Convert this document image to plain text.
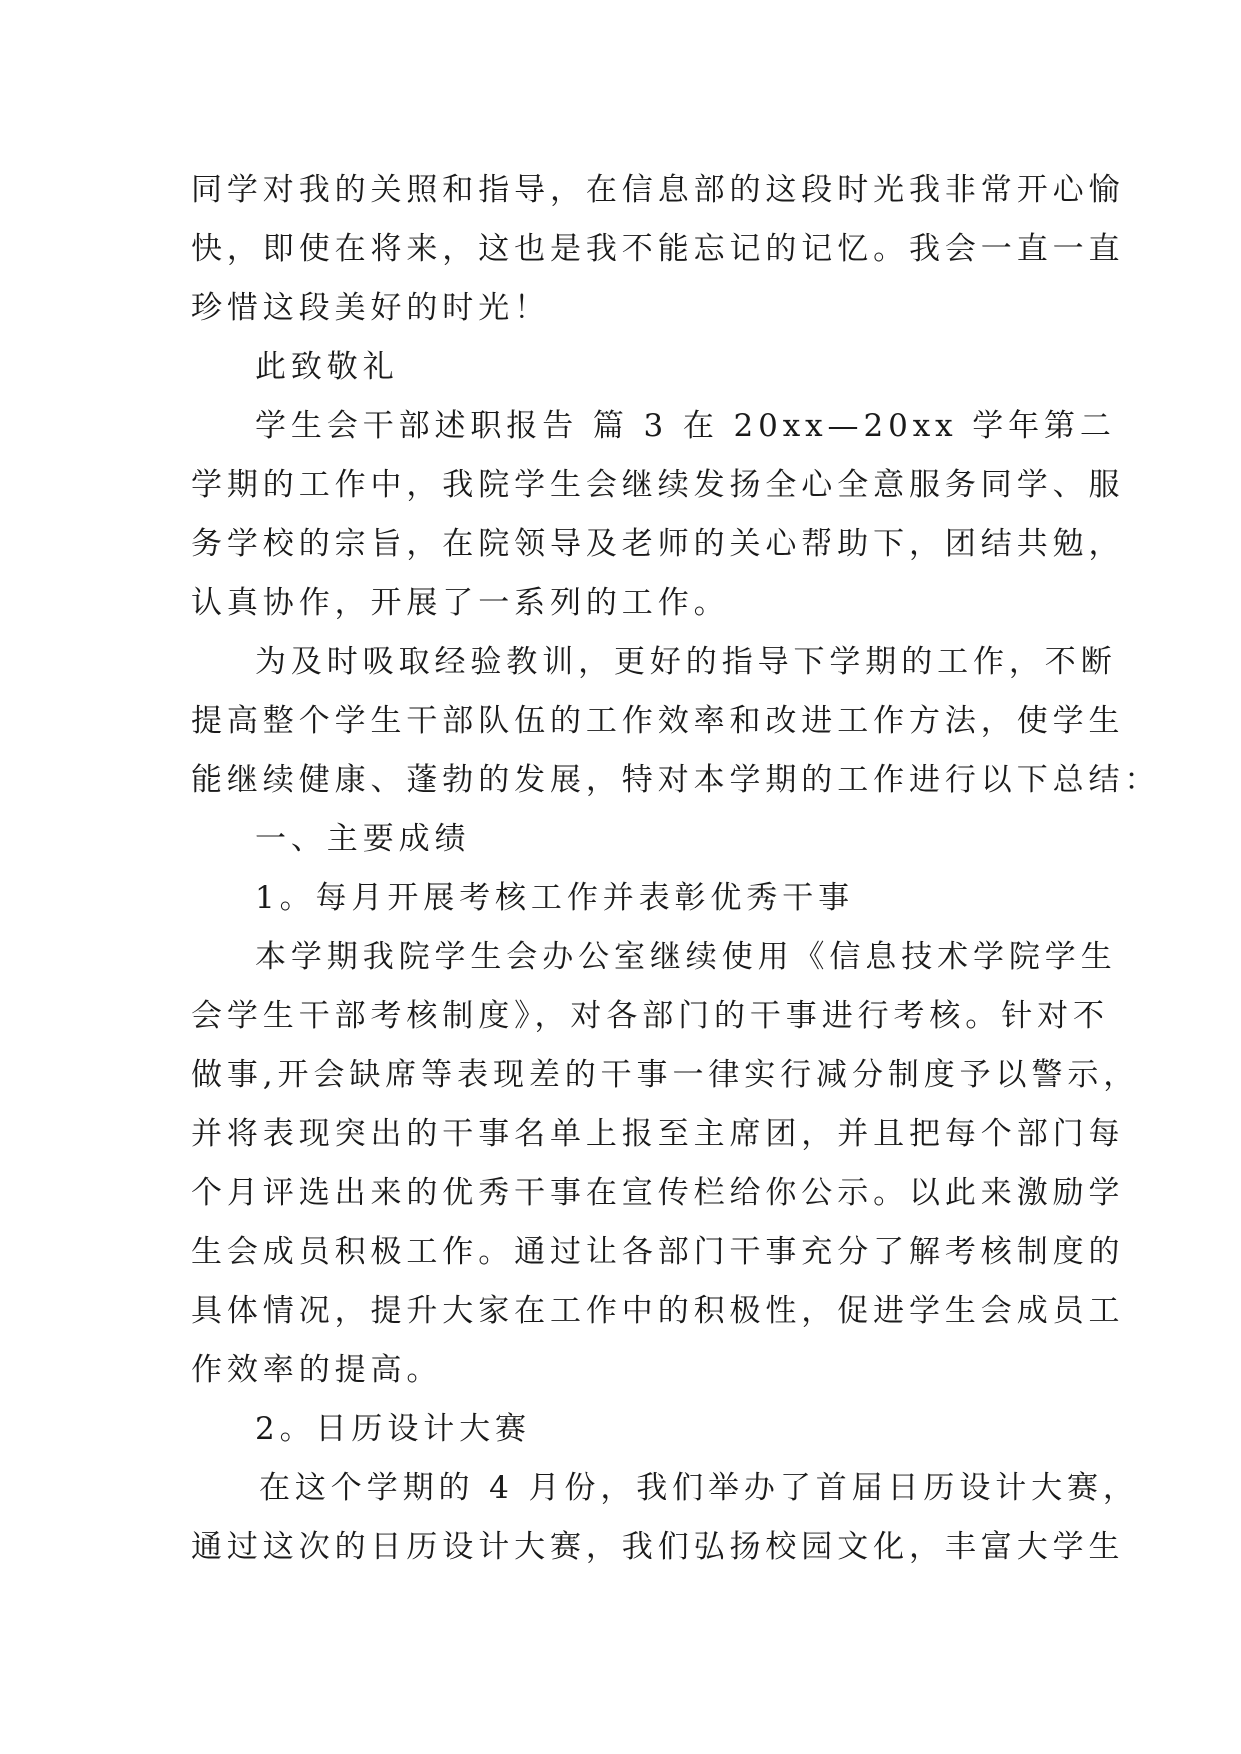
同学对我的关照和指导，在信息部的这段时光我非常开心愉
快，即使在将来，这也是我不能忘记的记忆。我会一直一直
珍惜这段美好的时光！
此致敬礼
学生会干部述职报告 篇 3 在 20xx—20xx 学年第二
学期的工作中，我院学生会继续发扬全心全意服务同学、服
务学校的宗旨，在院领导及老师的关心帮助下，团结共勉，
认真协作，开展了一系列的工作。
为及时吸取经验教训，更好的指导下学期的工作，不断
提高整个学生干部队伍的工作效率和改进工作方法，使学生
能继续健康、蓬勃的发展，特对本学期的工作进行以下总结：
一、主要成绩
1。每月开展考核工作并表彰优秀干事
本学期我院学生会办公室继续使用《信息技术学院学生
会学生干部考核制度》，对各部门的干事进行考核。针对不
做事,开会缺席等表现差的干事一律实行减分制度予以警示，
并将表现突出的干事名单上报至主席团，并且把每个部门每
个月评选出来的优秀干事在宣传栏给你公示。以此来激励学
生会成员积极工作。通过让各部门干事充分了解考核制度的
具体情况，提升大家在工作中的积极性，促进学生会成员工
作效率的提高。
2。日历设计大赛
在这个学期的 4 月份，我们举办了首届日历设计大赛，
通过这次的日历设计大赛，我们弘扬校园文化，丰富大学生
